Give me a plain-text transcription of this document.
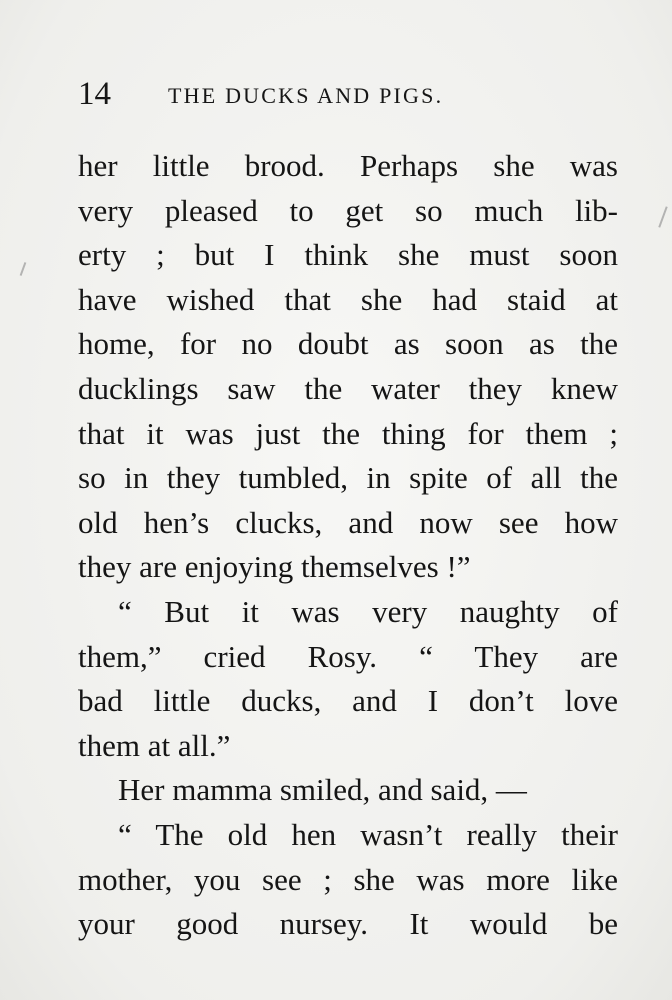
14	THE DUCKS AND PIGS.
her little brood. Perhaps she was
very pleased to get so much lib-
erty ; but I think she must soon
have wished that she had staid at
home, for no doubt as soon as the
ducklings saw the water they knew
that it was just the thing for them ;
so in they tumbled, in spite of all the
old hen’s clucks, and now see how
they are enjoying themselves !”
“ But it was very naughty of
them,” cried Rosy. “ They are
bad little ducks, and I don’t love
them at all.”
Her mamma smiled, and said, —
“ The old hen wasn’t really their
mother, you see ; she was more like
your good nursey. It would be
